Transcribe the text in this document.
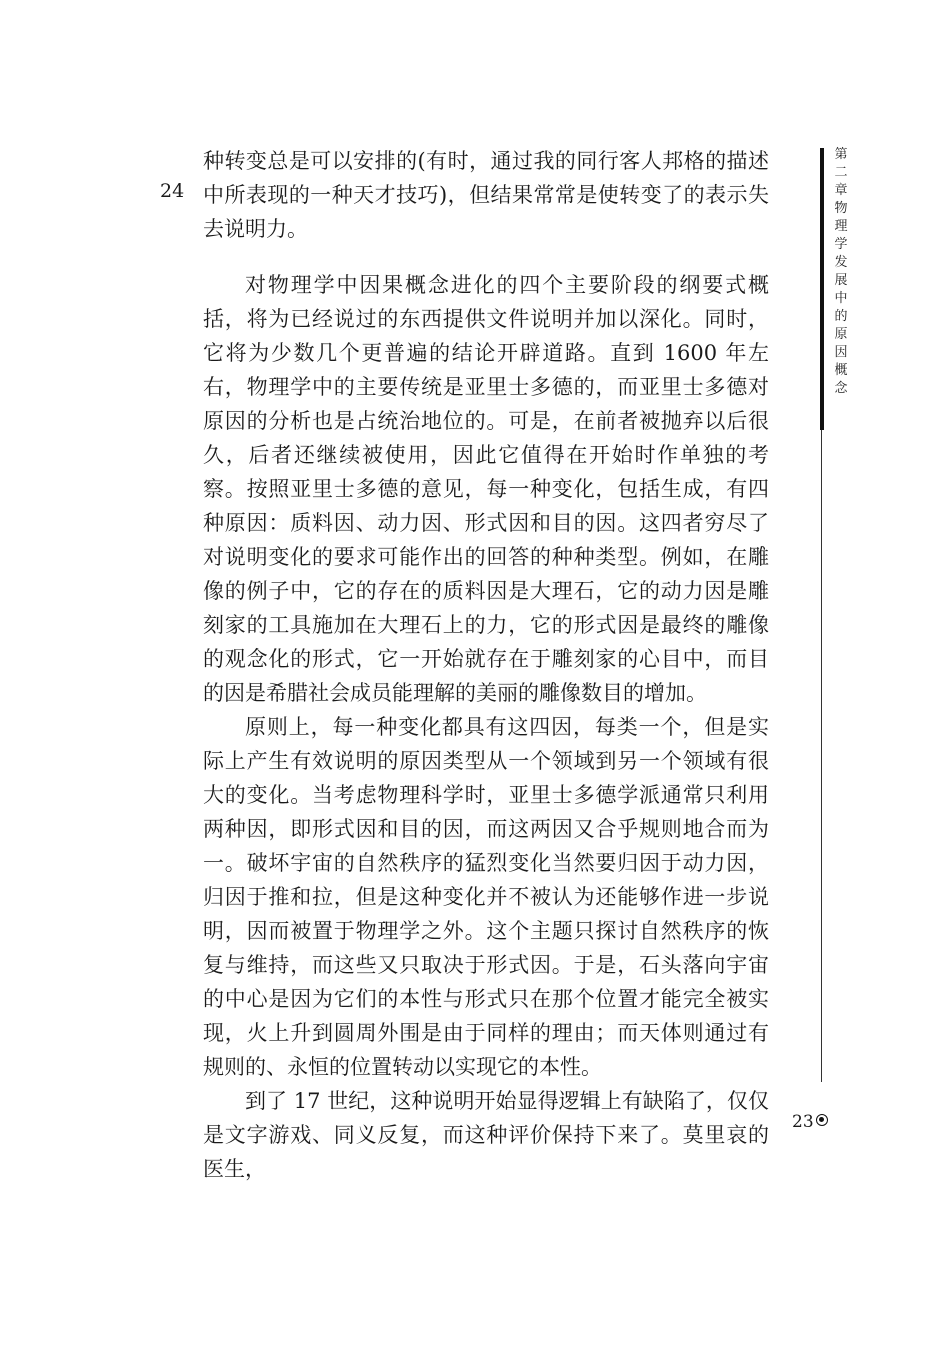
24

种转变总是可以安排的(有时，通过我的同行客人邦格的描述中所表现的一种天才技巧)，但结果常常是使转变了的表示失去说明力。

对物理学中因果概念进化的四个主要阶段的纲要式概括，将为已经说过的东西提供文件说明并加以深化。同时，它将为少数几个更普遍的结论开辟道路。直到 1600 年左右，物理学中的主要传统是亚里士多德的，而亚里士多德对原因的分析也是占统治地位的。可是，在前者被抛弃以后很久，后者还继续被使用，因此它值得在开始时作单独的考察。按照亚里士多德的意见，每一种变化，包括生成，有四种原因：质料因、动力因、形式因和目的因。这四者穷尽了对说明变化的要求可能作出的回答的种种类型。例如，在雕像的例子中，它的存在的质料因是大理石，它的动力因是雕刻家的工具施加在大理石上的力，它的形式因是最终的雕像的观念化的形式，它一开始就存在于雕刻家的心目中，而目的因是希腊社会成员能理解的美丽的雕像数目的增加。

原则上，每一种变化都具有这四因，每类一个，但是实际上产生有效说明的原因类型从一个领域到另一个领域有很大的变化。当考虑物理科学时，亚里士多德学派通常只利用两种因，即形式因和目的因，而这两因又合乎规则地合而为一。破坏宇宙的自然秩序的猛烈变化当然要归因于动力因，归因于推和拉，但是这种变化并不被认为还能够作进一步说明，因而被置于物理学之外。这个主题只探讨自然秩序的恢复与维持，而这些又只取决于形式因。于是，石头落向宇宙的中心是因为它们的本性与形式只在那个位置才能完全被实现，火上升到圆周外围是由于同样的理由；而天体则通过有规则的、永恒的位置转动以实现它的本性。

到了 17 世纪，这种说明开始显得逻辑上有缺陷了，仅仅是文字游戏、同义反复，而这种评价保持下来了。莫里哀的医生，

第
二
章
物
理
学
发
展
中
的
原
因
概
念
23
